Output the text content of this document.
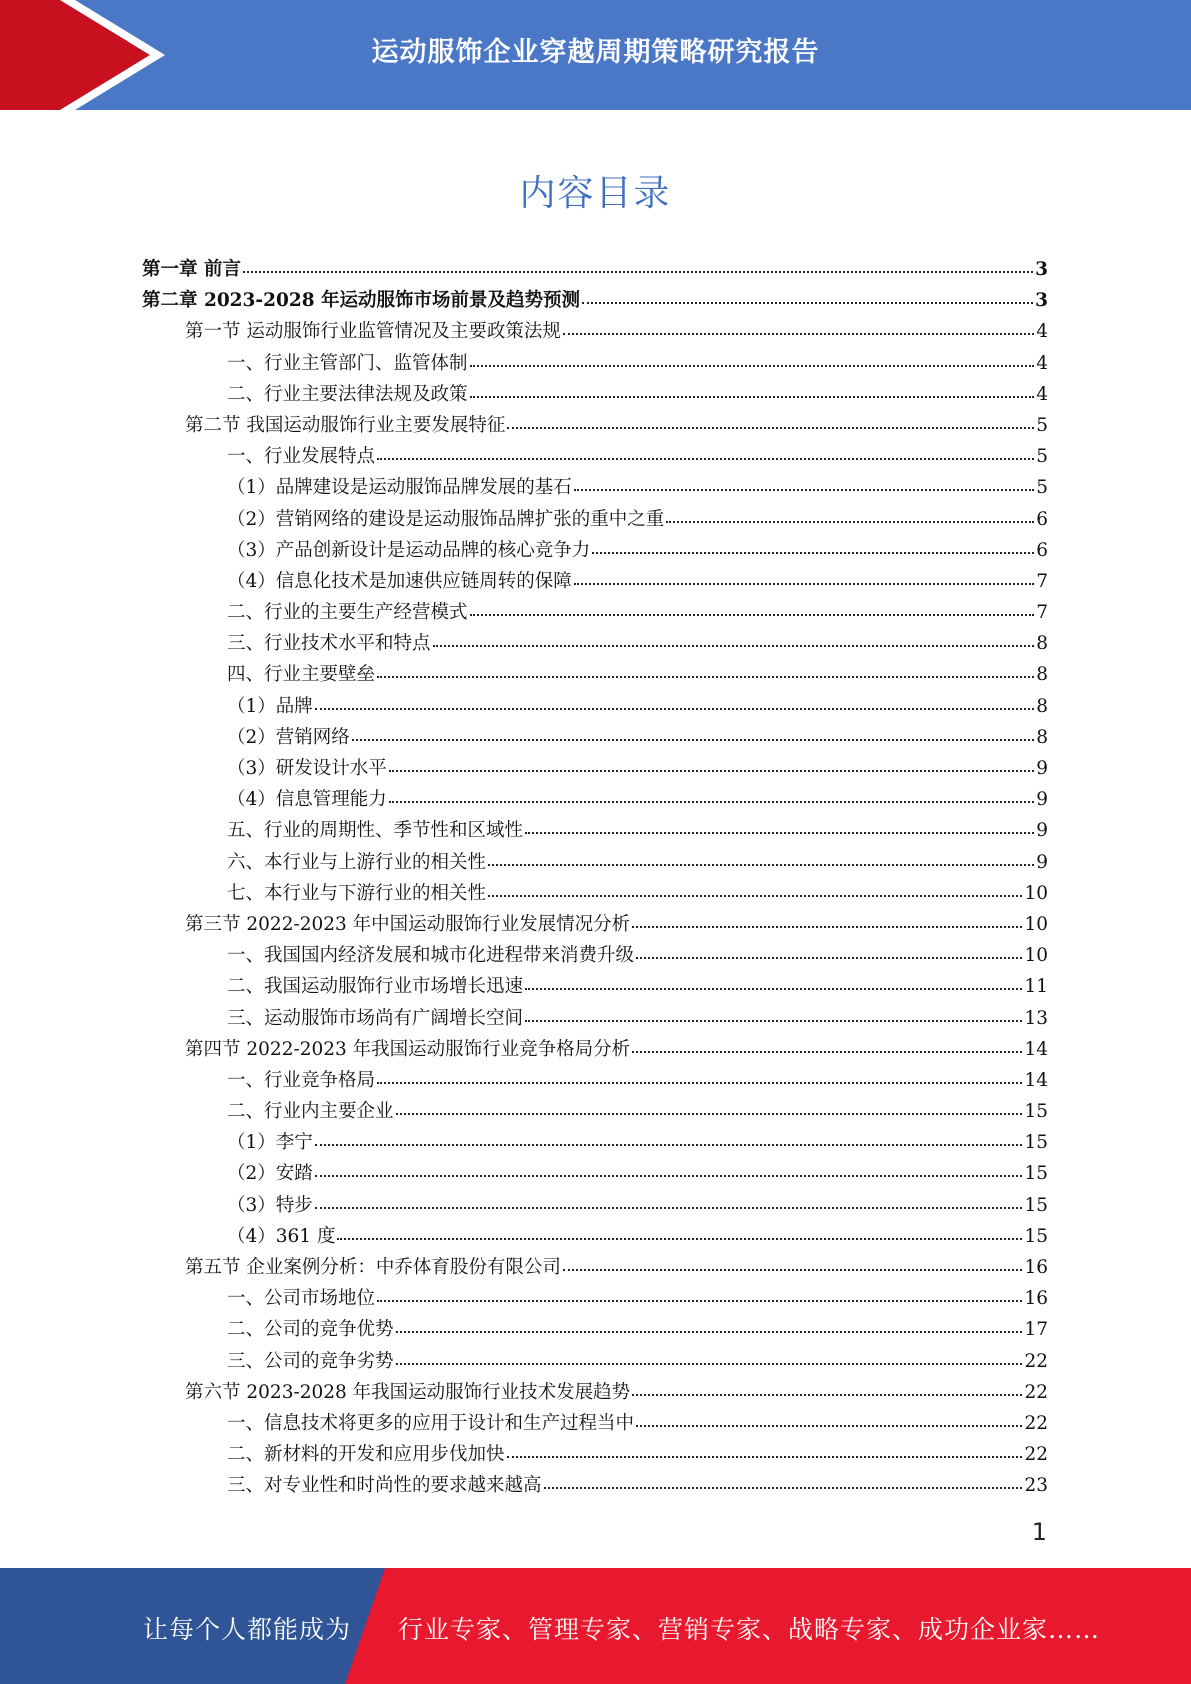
运动服饰企业穿越周期策略研究报告
内容目录
第一章 前言	3
第二章 2023-2028 年运动服饰市场前景及趋势预测	3
第一节 运动服饰行业监管情况及主要政策法规	4
一、行业主管部门、监管体制	4
二、行业主要法律法规及政策	4
第二节 我国运动服饰行业主要发展特征	5
一、行业发展特点	5
（1）品牌建设是运动服饰品牌发展的基石	5
（2）营销网络的建设是运动服饰品牌扩张的重中之重	6
（3）产品创新设计是运动品牌的核心竞争力	6
（4）信息化技术是加速供应链周转的保障	7
二、行业的主要生产经营模式	7
三、行业技术水平和特点	8
四、行业主要壁垒	8
（1）品牌	8
（2）营销网络	8
（3）研发设计水平	9
（4）信息管理能力	9
五、行业的周期性、季节性和区域性	9
六、本行业与上游行业的相关性	9
七、本行业与下游行业的相关性	10
第三节 2022-2023 年中国运动服饰行业发展情况分析	10
一、我国国内经济发展和城市化进程带来消费升级	10
二、我国运动服饰行业市场增长迅速	11
三、运动服饰市场尚有广阔增长空间	13
第四节 2022-2023 年我国运动服饰行业竞争格局分析	14
一、行业竞争格局	14
二、行业内主要企业	15
（1）李宁	15
（2）安踏	15
（3）特步	15
（4）361 度	15
第五节 企业案例分析：中乔体育股份有限公司	16
一、公司市场地位	16
二、公司的竞争优势	17
三、公司的竞争劣势	22
第六节 2023-2028 年我国运动服饰行业技术发展趋势	22
一、信息技术将更多的应用于设计和生产过程当中	22
二、新材料的开发和应用步伐加快	22
三、对专业性和时尚性的要求越来越高	23
1
让每个人都能成为 行业专家、管理专家、营销专家、战略专家、成功企业家……
